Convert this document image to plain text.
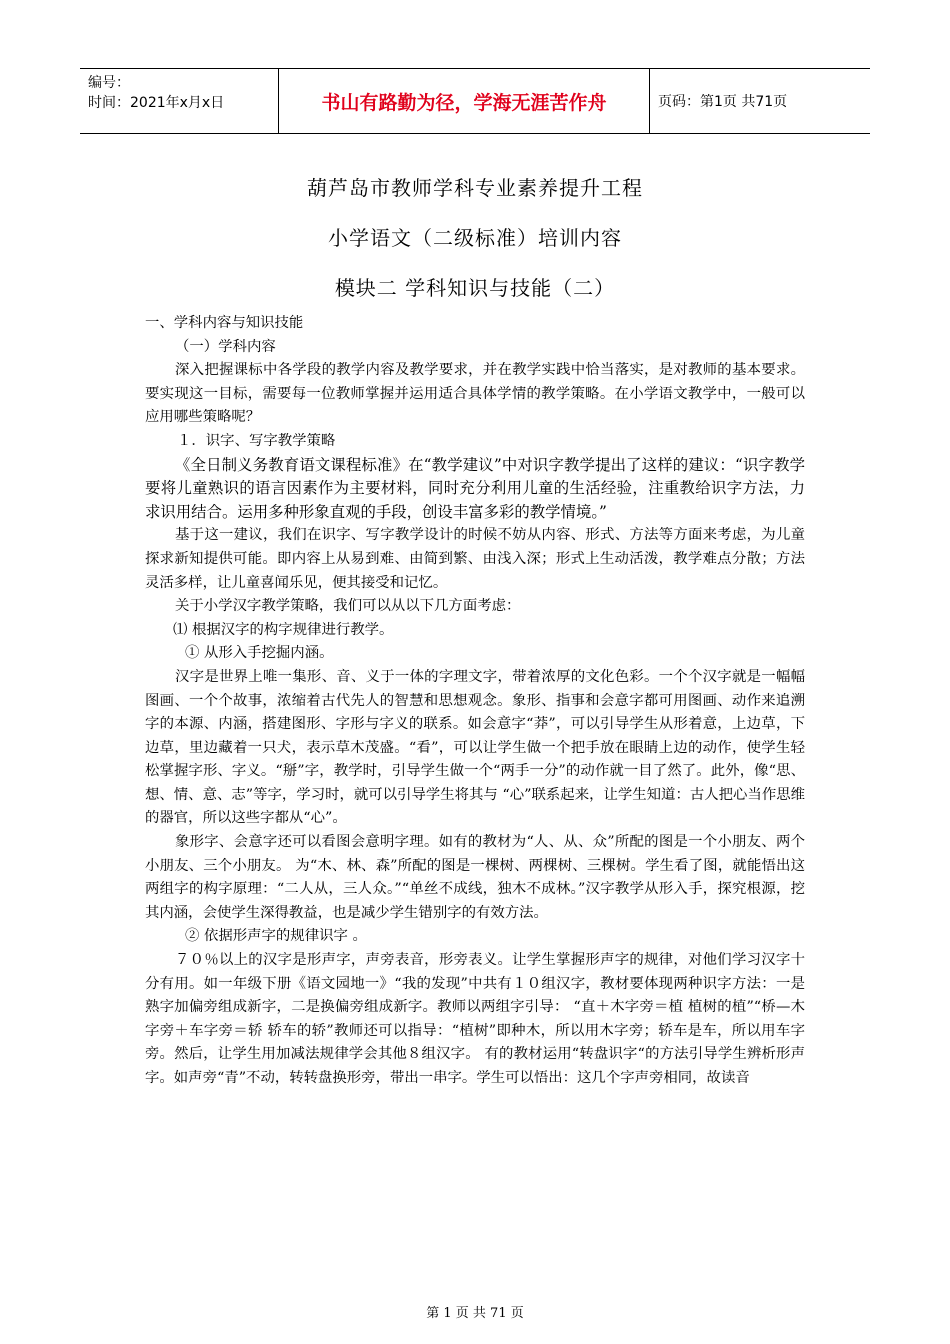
编号：
时间：2021年x月x日	书山有路勤为径，学海无涯苦作舟	页码：第1页 共71页
葫芦岛市教师学科专业素养提升工程
小学语文（二级标准）培训内容
模块二 学科知识与技能（二）

一、学科内容与知识技能

（一）学科内容

深入把握课标中各学段的教学内容及教学要求，并在教学实践中恰当落实，是对教师的基本要求。要实现这一目标，需要每一位教师掌握并运用适合具体学情的教学策略。在小学语文教学中，一般可以应用哪些策略呢？

１．识字、写字教学策略

《全日制义务教育语文课程标准》在“教学建议”中对识字教学提出了这样的建议：“识字教学要将儿童熟识的语言因素作为主要材料，同时充分利用儿童的生活经验，注重教给识字方法，力求识用结合。运用多种形象直观的手段，创设丰富多彩的教学情境。”

基于这一建议，我们在识字、写字教学设计的时候不妨从内容、形式、方法等方面来考虑，为儿童探求新知提供可能。即内容上从易到难、由简到繁、由浅入深；形式上生动活泼，教学难点分散；方法灵活多样，让儿童喜闻乐见，便其接受和记忆。

关于小学汉字教学策略，我们可以从以下几方面考虑：

⑴ 根据汉字的构字规律进行教学。

① 从形入手挖掘内涵。

汉字是世界上唯一集形、音、义于一体的字理文字，带着浓厚的文化色彩。一个个汉字就是一幅幅图画、一个个故事，浓缩着古代先人的智慧和思想观念。象形、指事和会意字都可用图画、动作来追溯字的本源、内涵，搭建图形、字形与字义的联系。如会意字“莽”，可以引导学生从形着意，上边草，下边草，里边藏着一只犬，表示草木茂盛。“看”，可以让学生做一个把手放在眼睛上边的动作，使学生轻松掌握字形、字义。“掰”字，教学时，引导学生做一个“两手一分”的动作就一目了然了。此外，像“思、想、情、意、志”等字，学习时，就可以引导学生将其与 “心”联系起来，让学生知道：古人把心当作思维的器官，所以这些字都从“心”。

象形字、会意字还可以看图会意明字理。如有的教材为“人、从、众”所配的图是一个小朋友、两个小朋友、三个小朋友。 为“木、林、森”所配的图是一棵树、两棵树、三棵树。学生看了图，就能悟出这两组字的构字原理：“二人从，三人众。”“单丝不成线，独木不成林。”汉字教学从形入手，探究根源，挖其内涵，会使学生深得教益，也是减少学生错别字的有效方法。

② 依据形声字的规律识字 。

７０％以上的汉字是形声字，声旁表音，形旁表义。让学生掌握形声字的规律，对他们学习汉字十分有用。如一年级下册《语文园地一》“我的发现”中共有１０组汉字，教材要体现两种识字方法：一是熟字加偏旁组成新字，二是换偏旁组成新字。教师以两组字引导： “直＋木字旁＝植 植树的植”“桥—木字旁＋车字旁＝轿 轿车的轿”教师还可以指导：“植树”即种木，所以用木字旁；轿车是车，所以用车字旁。然后，让学生用加减法规律学会其他８组汉字。 有的教材运用“转盘识字“的方法引导学生辨析形声字。如声旁“青”不动，转转盘换形旁，带出一串字。学生可以悟出：这几个字声旁相同，故读音

第 1 页 共 71 页
